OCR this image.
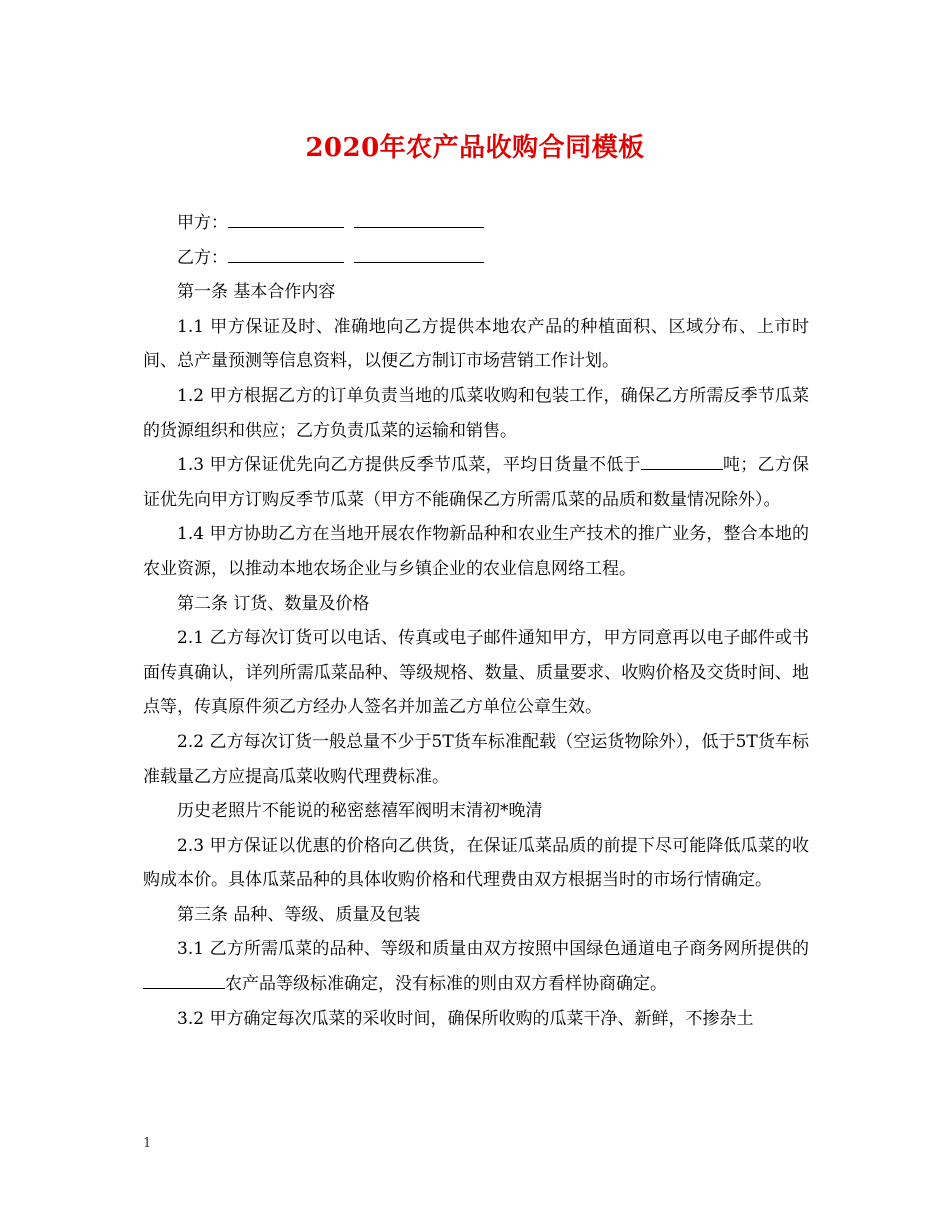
2020年农产品收购合同模板

甲方：

乙方：

第一条 基本合作内容

1.1 甲方保证及时、准确地向乙方提供本地农产品的种植面积、区域分布、上市时间、总产量预测等信息资料，以便乙方制订市场营销工作计划。

1.2 甲方根据乙方的订单负责当地的瓜菜收购和包装工作，确保乙方所需反季节瓜菜的货源组织和供应；乙方负责瓜菜的运输和销售。

1.3 甲方保证优先向乙方提供反季节瓜菜，平均日货量不低于	吨；乙方保证优先向甲方订购反季节瓜菜（甲方不能确保乙方所需瓜菜的品质和数量情况除外）。

1.4 甲方协助乙方在当地开展农作物新品种和农业生产技术的推广业务，整合本地的农业资源，以推动本地农场企业与乡镇企业的农业信息网络工程。

第二条 订货、数量及价格

2.1 乙方每次订货可以电话、传真或电子邮件通知甲方，甲方同意再以电子邮件或书面传真确认，详列所需瓜菜品种、等级规格、数量、质量要求、收购价格及交货时间、地点等，传真原件须乙方经办人签名并加盖乙方单位公章生效。

2.2 乙方每次订货一般总量不少于5T货车标准配载（空运货物除外），低于5T货车标准载量乙方应提高瓜菜收购代理费标准。

历史老照片不能说的秘密慈禧军阀明末清初*晚清

2.3 甲方保证以优惠的价格向乙供货，在保证瓜菜品质的前提下尽可能降低瓜菜的收购成本价。具体瓜菜品种的具体收购价格和代理费由双方根据当时的市场行情确定。

第三条 品种、等级、质量及包装

3.1 乙方所需瓜菜的品种、等级和质量由双方按照中国绿色通道电子商务网所提供的农产品等级标准确定，没有标准的则由双方看样协商确定。

3.2 甲方确定每次瓜菜的采收时间，确保所收购的瓜菜干净、新鲜，不掺杂土

1
